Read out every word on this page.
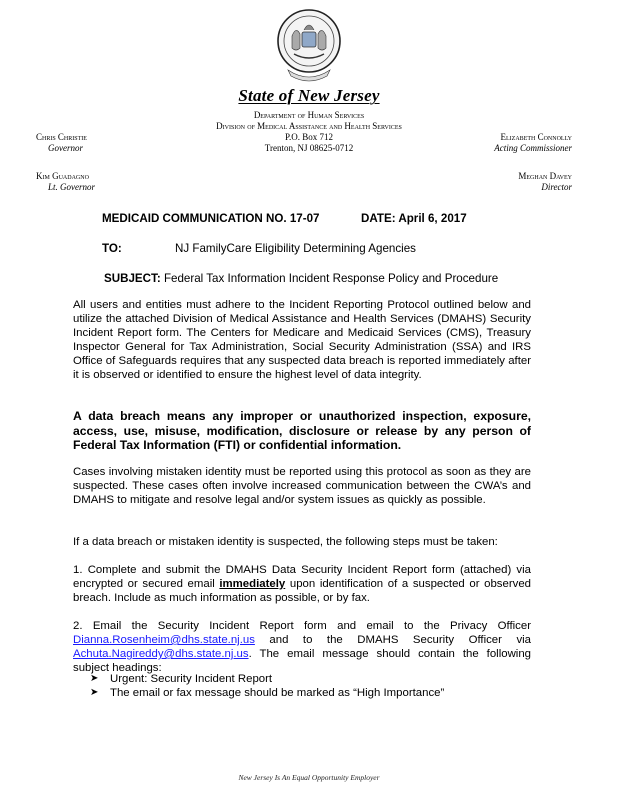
State of New Jersey
Department of Human Services
Division of Medical Assistance and Health Services
P.O. Box 712
Trenton, NJ 08625-0712
Chris Christie
Governor
Kim Guadagno
Lt. Governor
Elizabeth Connolly
Acting Commissioner
Meghan Davey
Director
MEDICAID COMMUNICATION NO. 17-07	DATE: April 6, 2017
TO:	NJ FamilyCare Eligibility Determining Agencies
SUBJECT: Federal Tax Information Incident Response Policy and Procedure
All users and entities must adhere to the Incident Reporting Protocol outlined below and utilize the attached Division of Medical Assistance and Health Services (DMAHS) Security Incident Report form. The Centers for Medicare and Medicaid Services (CMS), Treasury Inspector General for Tax Administration, Social Security Administration (SSA) and IRS Office of Safeguards requires that any suspected data breach is reported immediately after it is observed or identified to ensure the highest level of data integrity.
A data breach means any improper or unauthorized inspection, exposure, access, use, misuse, modification, disclosure or release by any person of Federal Tax Information (FTI) or confidential information.
Cases involving mistaken identity must be reported using this protocol as soon as they are suspected. These cases often involve increased communication between the CWA’s and DMAHS to mitigate and resolve legal and/or system issues as quickly as possible.
If a data breach or mistaken identity is suspected, the following steps must be taken:
1. Complete and submit the DMAHS Data Security Incident Report form (attached) via encrypted or secured email immediately upon identification of a suspected or observed breach. Include as much information as possible, or by fax.
2. Email the Security Incident Report form and email to the Privacy Officer Dianna.Rosenheim@dhs.state.nj.us and to the DMAHS Security Officer via Achuta.Nagireddy@dhs.state.nj.us. The email message should contain the following subject headings:
➤	Urgent: Security Incident Report
➤	The email or fax message should be marked as “High Importance”
New Jersey Is An Equal Opportunity Employer
